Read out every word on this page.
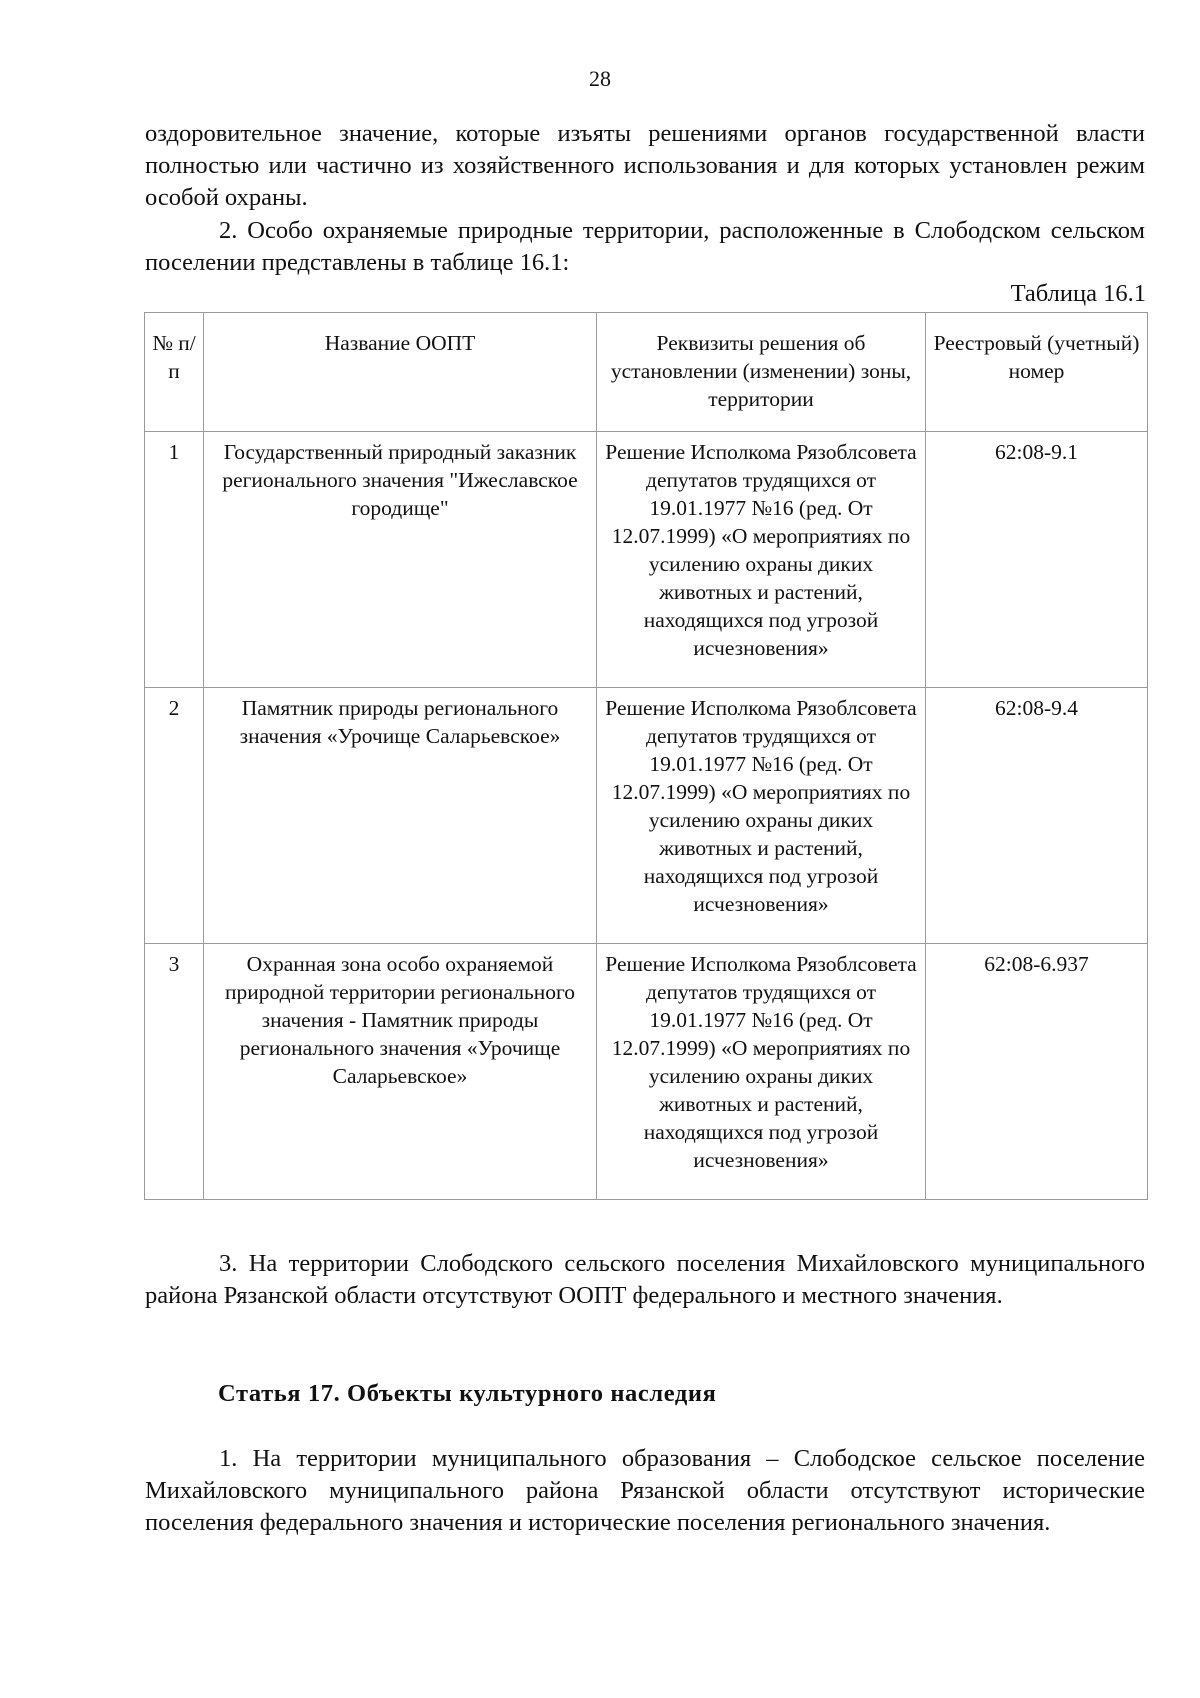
28
оздоровительное значение, которые изъяты решениями органов государственной власти полностью или частично из хозяйственного использования и для которых установлен режим особой охраны.
2. Особо охраняемые природные территории, расположенные в Слободском сельском поселении представлены в таблице 16.1:
Таблица 16.1
№ п/п	Название ООПТ	Реквизиты решения об установлении (изменении) зоны, территории	Реестровый (учетный) номер
1	Государственный природный заказник регионального значения "Ижеславское городище"	Решение Исполкома Рязоблсовета депутатов трудящихся от 19.01.1977 №16 (ред. От 12.07.1999) «О мероприятиях по усилению охраны диких животных и растений, находящихся под угрозой исчезновения»	62:08-9.1
2	Памятник природы регионального значения «Урочище Саларьевское»	Решение Исполкома Рязоблсовета депутатов трудящихся от 19.01.1977 №16 (ред. От 12.07.1999) «О мероприятиях по усилению охраны диких животных и растений, находящихся под угрозой исчезновения»	62:08-9.4
3	Охранная зона особо охраняемой природной территории регионального значения - Памятник природы регионального значения «Урочище Саларьевское»	Решение Исполкома Рязоблсовета депутатов трудящихся от 19.01.1977 №16 (ред. От 12.07.1999) «О мероприятиях по усилению охраны диких животных и растений, находящихся под угрозой исчезновения»	62:08-6.937
3. На территории Слободского сельского поселения Михайловского муниципального района Рязанской области отсутствуют ООПТ федерального и местного значения.
Статья 17. Объекты культурного наследия
1. На территории муниципального образования – Слободское сельское поселение Михайловского муниципального района Рязанской области отсутствуют исторические поселения федерального значения и исторические поселения регионального значения.
